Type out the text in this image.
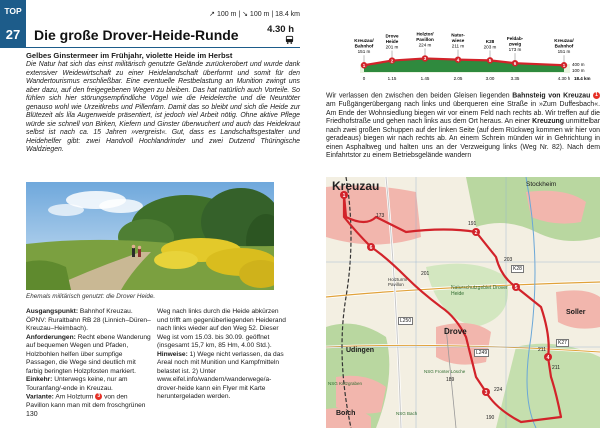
TOP	↗ 100 m | ↘ 100 m | 18.4 km
27 Die große Drover-Heide-Runde	4.30 h
Gelbes Ginstermeer im Frühjahr, violette Heide im Herbst

Die Natur hat sich das einst militärisch genutzte Gelände zurückerobert und wurde dank extensiver Weidewirtschaft zu einer Heidelandschaft überformt und somit für den Wandertourismus erschließbar. Eine eventuelle Restbelastung an Munition zwingt uns aber dazu, auf den freigegebenen Wegen zu bleiben. Das hat natürlich auch Vorteile. So fühlen sich hier störungsempfindliche Vögel wie die Heidelerche und die Neuntöter genauso wohl wie Urzeitkrebs und Pillenfarn. Damit das so bleibt und sich die Heide zur Blütezeit als lila Augenweide präsentiert, ist jedoch viel Arbeit nötig. Ohne aktive Pflege würde sie schnell von Birken, Kiefern und Ginster überwuchert und auch das Heidekraut selbst ist nach ca. 15 Jahren »vergreist«. Gut, dass es Landschaftsgestalter und Heidehelfer gibt: zwei Handvoll Hochlandrinder und zwei Dutzend Thüringische Waldziegen.

Ehemals militärisch genutzt: die Drover Heide.
Ausgangspunkt: Bahnhof Kreuzau. ÖPNV: Ruraltbahn RB 28 (Linnich–Düren–Kreuzau–Heimbach).
Anforderungen: Recht ebene Wanderung auf bequemen Wegen und Pfaden, Holzbohlen helfen über sumpfige Passagen, die Wege sind deutlich mit farbig beringten Holzpfosten markiert.
Einkehr: Unterwegs keine, nur am Touranfang/-ende in Kreuzau.
Variante: Am Holzturm 3 von den Pavillon kann man mit dem froschgrünen
Weg nach links durch die Heide abkürzen und trifft am gegenüberliegenden Heiderand nach links wieder auf den Weg 52. Dieser Weg ist vom 15.03. bis 30.09. geöffnet (insgesamt 15,7 km, 85 Hm, 4.00 Std.).
Hinweise: 1) Wege nicht verlassen, da das Areal noch mit Munition und Kampfmitteln belastet ist. 2) Unter www.eifel.info/wandern/wanderwege/a-drover-heide kann ein Flyer mit Karte heruntergeladen werden.
130
400 m
100 m
18.4 km
1
0
Kreuzau/ Bahnhof 151 m
2
1.15
Drove Heide 201 m
3
1.45
Holztor/ Pavillon 224 m
4
2.05
Natur-wiese 211 m
5
3.00
K28 203 m
6
3.35
Feldab-zweig 173 m
1
4.30 h
Kreuzau/ Bahnhof 151 m
Wir verlassen den zwischen den beiden Gleisen liegenden Bahnsteig von Kreuzau 1 am Fußgängerübergang nach links und überqueren eine Straße in »Zum Duffesbach«. Am Ende der Wohnsiedlung biegen wir vor einem Feld nach rechts ab. Wir treffen auf die Friedhofstraße und gehen nach links aus dem Ort heraus. An einer Kreuzung unmittelbar nach zwei großen Schuppen auf der linken Seite (auf dem Rückweg kommen wir hier von geradeaus) biegen wir nach rechts ab. An einem Schrein münden wir in Gehrichtung in einen Asphaltweg und halten uns an der Verzweigung links (Weg Nr. 82). Nach dem Einfahrtstor zu einem Betriebsgelände wandern
1
2
3
4
5
6
Kreuzau	Stockheim
Drove
Soller
Udingen
Boich
Naturschutzgebiet Drover Heide
Holzturm/ Pavillon
NSG Fronter Lösche
NSG Kutzgraben
NSG Bach
K28
L250
L249
K27
173
191
203
201
224
211
211
189
190
